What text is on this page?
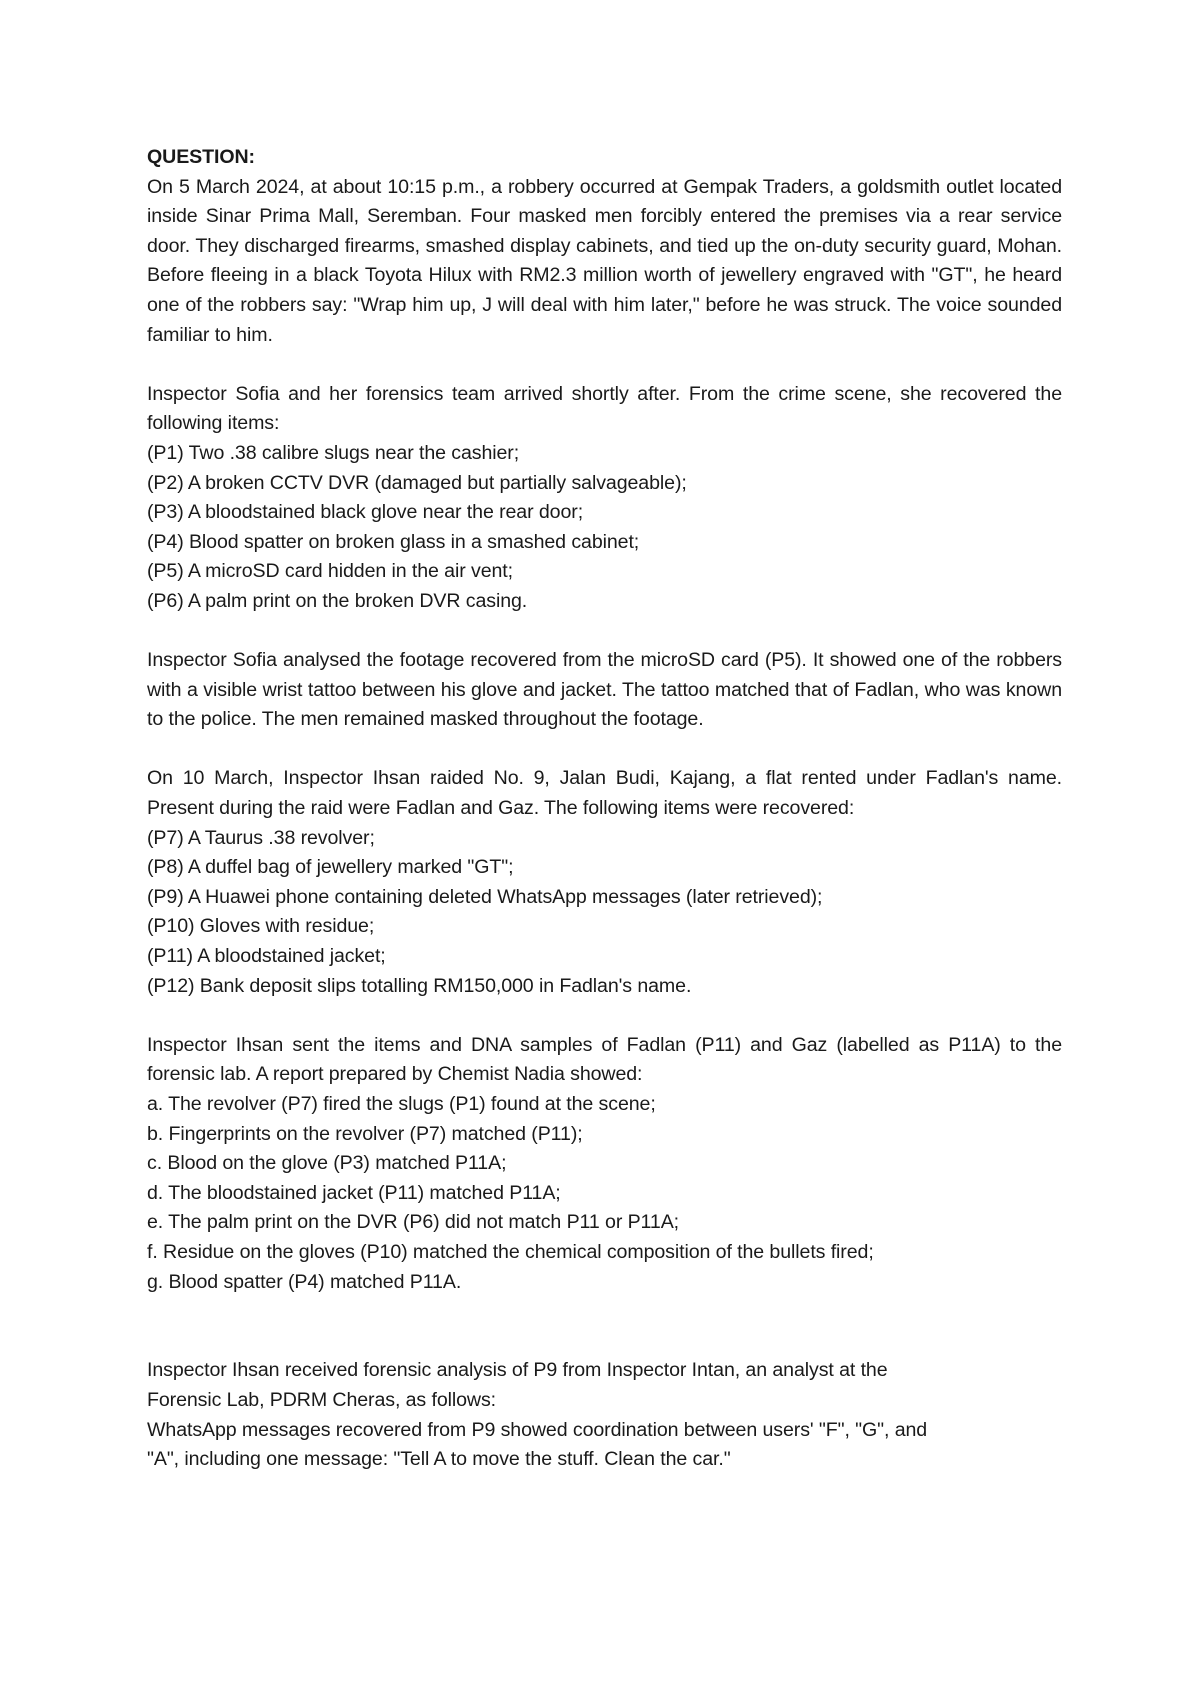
QUESTION:

On 5 March 2024, at about 10:15 p.m., a robbery occurred at Gempak Traders, a goldsmith outlet located inside Sinar Prima Mall, Seremban. Four masked men forcibly entered the premises via a rear service door. They discharged firearms, smashed display cabinets, and tied up the on-duty security guard, Mohan. Before fleeing in a black Toyota Hilux with RM2.3 million worth of jewellery engraved with "GT", he heard one of the robbers say: "Wrap him up, J will deal with him later," before he was struck. The voice sounded familiar to him.

Inspector Sofia and her forensics team arrived shortly after. From the crime scene, she recovered the following items:

(P1) Two .38 calibre slugs near the cashier;

(P2) A broken CCTV DVR (damaged but partially salvageable);

(P3) A bloodstained black glove near the rear door;

(P4) Blood spatter on broken glass in a smashed cabinet;

(P5) A microSD card hidden in the air vent;

(P6) A palm print on the broken DVR casing.

Inspector Sofia analysed the footage recovered from the microSD card (P5). It showed one of the robbers with a visible wrist tattoo between his glove and jacket. The tattoo matched that of Fadlan, who was known to the police. The men remained masked throughout the footage.

On 10 March, Inspector Ihsan raided No. 9, Jalan Budi, Kajang, a flat rented under Fadlan's name. Present during the raid were Fadlan and Gaz. The following items were recovered:

(P7) A Taurus .38 revolver;

(P8) A duffel bag of jewellery marked "GT";

(P9) A Huawei phone containing deleted WhatsApp messages (later retrieved);

(P10) Gloves with residue;

(P11) A bloodstained jacket;

(P12) Bank deposit slips totalling RM150,000 in Fadlan's name.

Inspector Ihsan sent the items and DNA samples of Fadlan (P11) and Gaz (labelled as P11A) to the forensic lab. A report prepared by Chemist Nadia showed:

a. The revolver (P7) fired the slugs (P1) found at the scene;

b. Fingerprints on the revolver (P7) matched (P11);

c. Blood on the glove (P3) matched P11A;

d. The bloodstained jacket (P11) matched P11A;

e. The palm print on the DVR (P6) did not match P11 or P11A;

f. Residue on the gloves (P10) matched the chemical composition of the bullets fired;

g. Blood spatter (P4) matched P11A.

Inspector Ihsan received forensic analysis of P9 from Inspector Intan, an analyst at the

Forensic Lab, PDRM Cheras, as follows:

WhatsApp messages recovered from P9 showed coordination between users' "F", "G", and

"A", including one message: "Tell A to move the stuff. Clean the car."
